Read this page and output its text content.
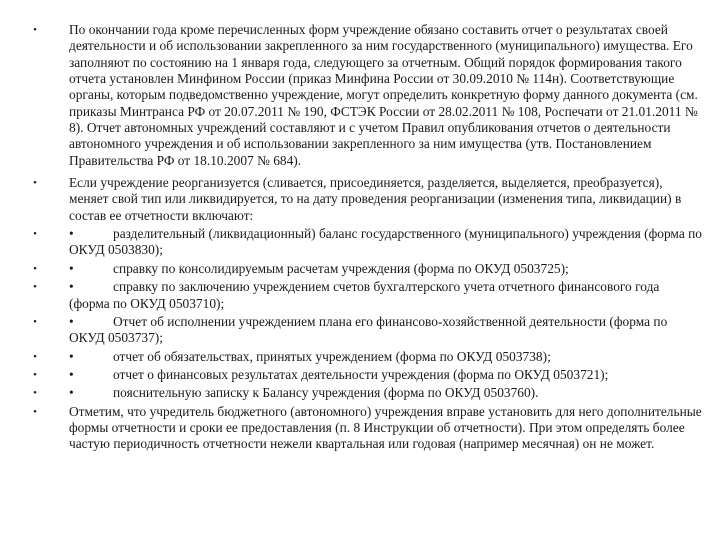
• По окончании года кроме перечисленных форм учреждение обязано составить отчет о результатах своей деятельности и об использовании закрепленного за ним государственного (муниципального) имущества. Его заполняют по состоянию на 1 января года, следующего за отчетным. Общий порядок формирования такого отчета установлен Минфином России (приказ Минфина России от 30.09.2010 № 114н). Соответствующие органы, которым подведомственно учреждение, могут определить конкретную форму данного документа (см. приказы Минтранса РФ от 20.07.2011 № 190, ФСТЭК России от 28.02.2011 № 108, Роспечати от 21.01.2011 № 8). Отчет автономных учреждений составляют и с учетом Правил опубликования отчетов о деятельности автономного учреждения и об использовании закрепленного за ним имущества (утв. Постановлением Правительства РФ от 18.10.2007 № 684).
• Если учреждение реорганизуется (сливается, присоединяется, разделяется, выделяется, преобразуется), меняет свой тип или ликвидируется, то на дату проведения реорганизации (изменения типа, ликвидации) в состав ее отчетности включают:
• •	разделительный (ликвидационный) баланс государственного (муниципального) учреждения (форма по ОКУД 0503830);
• •	справку по консолидируемым расчетам учреждения (форма по ОКУД 0503725);
• •	справку по заключению учреждением счетов бухгалтерского учета отчетного финансового года (форма по ОКУД 0503710);
• •	Отчет об исполнении учреждением плана его финансово-хозяйственной деятельности (форма по ОКУД 0503737);
• •	отчет об обязательствах, принятых учреждением (форма по ОКУД 0503738);
• •	отчет о финансовых результатах деятельности учреждения (форма по ОКУД 0503721);
• •	пояснительную записку к Балансу учреждения (форма по ОКУД 0503760).
• Отметим, что учредитель бюджетного (автономного) учреждения вправе установить для него дополнительные формы отчетности и сроки ее предоставления (п. 8 Инструкции об отчетности). При этом определять более частую периодичность отчетности нежели квартальная или годовая (например месячная) он не может.
